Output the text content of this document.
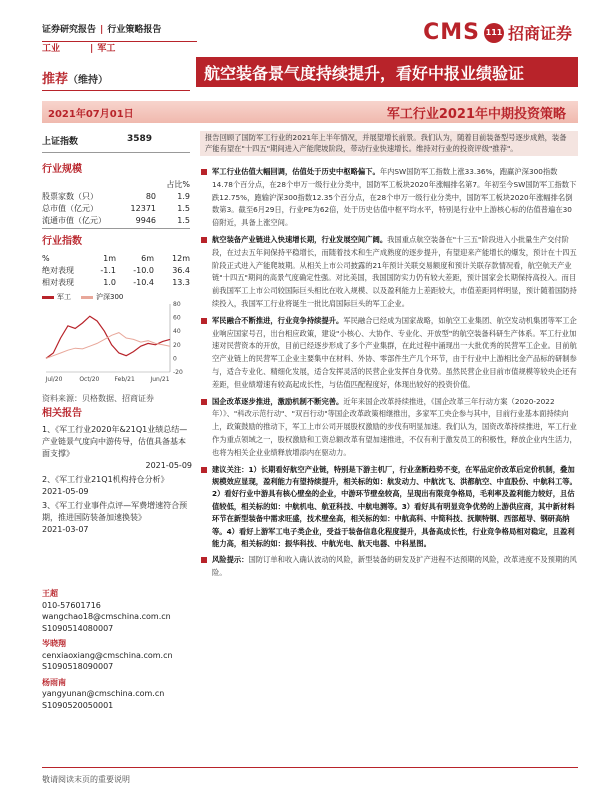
证券研究报告 | 行业策略报告
工业	| 军工
CMS 111 招商证券
推荐（维持）	航空装备景气度持续提升，看好中报业绩验证
2021年07月01日	军工行业2021年中期投资策略
上证指数	3589
行业规模
占比%
股票家数（只）	80	1.9
总市值（亿元）	12371	1.5
流通市值（亿元）	9946	1.5
行业指数
%	1m	6m	12m
绝对表现	-1.1	-10.0	36.4
相对表现	1.0	-10.4	13.3
军工	沪深300
80
60
40
20
0
-20
Jul/20	Oct/20	Feb/21	Jun/21
资料来源：贝格数据、招商证券
相关报告
1、《军工行业2020年&21Q1业绩总结—产业链景气度向中游传导，估值具备基本面支撑》
2021-05-09
2、《军工行业21Q1机构持仓分析》
2021-05-09
3、《军工行业事件点评—军费增速符合预期，推进国防装备加速换装》
2021-03-07
王超
010-57601716
wangchao18@cmschina.com.cn
S1090514080007
岑晓翔
cenxiaoxiang@cmschina.com.cn
S1090518090007
杨雨南
yangyunan@cmschina.com.cn
S1090520050001
报告回顾了国防军工行业的2021年上半年情况，并展望增长前景。我们认为，随着目前装备型号逐步成熟，装备产能有望在"十四五"期间进入产能爬坡阶段，带动行业快速增长。维持对行业的投资评级"推荐"。
军工行业估值大幅回调，估值处于历史中枢略偏下。年内SW国防军工指数上涨33.36%，跑赢沪深300指数14.78个百分点，在28个申万一级行业分类中，国防军工板块2020年涨幅排名第7。年初至今SW国防军工指数下跌12.75%，跑输沪深300指数12.35个百分点，在28个申万一级行业分类中，国防军工板块2020年涨幅排名倒数第3。截至6月29日，行业PE为62倍，处于历史估值中枢平均水平，特别是行业中上游核心标的估值普遍在30倍附近，具备上涨空间。
航空装备产业链进入快速增长期，行业发展空间广阔。我国重点航空装备在"十三五"阶段进入小批量生产交付阶段，在过去五年间保持平稳增长，而随着技术和生产成熟度的逐步提升，有望迎来产能增长的爆发，预计在十四五阶段正式进入产能爬坡期。从相关上市公司披露的21年预计关联交易额度和预计关联存款情况看，航空航天产业链"十四五"期间的高景气度确定性强。对比美国，我国国防实力仍有较大差距，预计国家会长期保持高投入。而目前我国军工上市公司较国际巨头相比在收入规模、以及盈利能力上差距较大，市值差距同样明显，预计随着国防持续投入，我国军工行业将诞生一批比肩国际巨头的军工企业。
军民融合不断推进，行业竞争持续提升。军民融合已经成为国家战略，如航空工业集团、航空发动机集团等军工企业响应国家号召，出台相应政策，建设"小核心、大协作、专业化、开放型"的航空装备科研生产体系。军工行业加速对民营资本的开放，目前已经逐步形成了多个产业集群，在此过程中涌现出一大批优秀的民营军工企业。目前航空产业链上的民营军工企业主要集中在材料、外协、零部件生产几个环节，由于行业中上游相比金产品标的研制参与，适合专业化、精细化发展，适合发挥灵活的民营企业发挥自身优势。虽然民营企业目前市值规模等较央企还有差距，但业绩增速有较高起成长性，与估值匹配程度好，体现出较好的投资价值。
国企改革逐步推进，激励机制不断完善。近年来国企改革持续推进，《国企改革三年行动方案（2020-2022年）》、"科改示范行动"、"双百行动"等国企改革政策相继推出，多家军工央企参与其中，目前行业基本面持续向上，政策鼓励的推动下，军工上市公司开展股权激励的步伐有明显加速。我们认为，国资改革持续推进，军工行业作为重点领域之一，股权激励和工资总额改革有望加速推进，不仅有利于激发员工的积极性，释放企业内生活力，也将为相关企业业绩释放增添内在驱动力。
建议关注：1）长期看好航空产业链，特别是下游主机厂，行业垄断趋势不变，在军品定价改革后定价机制，叠加规模效应显现，盈利能力有望持续提升，相关标的如：航发动力、中航沈飞、洪都航空、中直股份、中航科工等。2）看好行业中游具有核心壁垒的企业，中游环节壁垒较高，呈现出有限竞争格局，毛利率及盈利能力较好，且估值较低，相关标的如：中航机电、航亚科技、中航电测等。3）看好具有明显竞争优势的上游供应商，其中新材料环节在新型装备中需求旺盛，技术壁垒高，相关标的如：中航高科、中简科技、抚顺特钢、西部超导、钢研高纳等。4）看好上游军工电子类企业，受益于装备信息化程度提升，具备高成长性，行业竞争格局相对稳定，且盈利能力高，相关标的如：振华科技、中航光电、航天电器、中科星图。
风险提示：国防订单和收入确认波动的风险，新型装备的研发及扩产进程不达预期的风险，改革进度不及预期的风险。
敬请阅读末页的重要说明
